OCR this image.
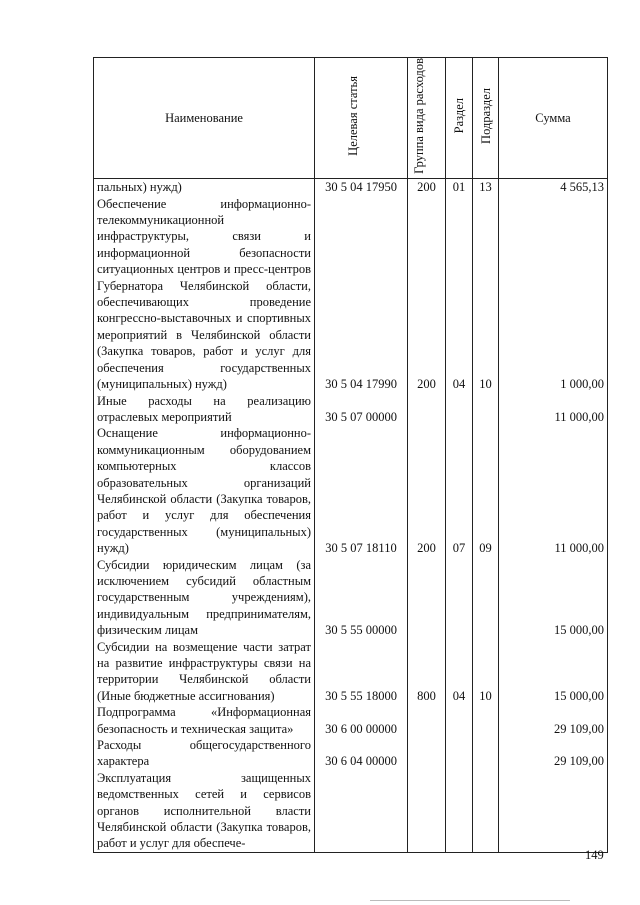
Наименование	Целевая статья	Группа вида расходов	Раздел	Подраздел	Сумма
пальных) нужд)	30 5 04 17950	200	01	13	4 565,13
Обеспечение информационно-телекоммуникационной инфраструктуры, связи и информационной безопасности ситуационных центров и пресс-центров Губернатора Челябинской области, обеспечивающих проведение конгрессно-выставочных и спортивных мероприятий в Челябинской области (Закупка товаров, работ и услуг для обеспечения государственных (муниципальных) нужд)	30 5 04 17990	200	04	10	1 000,00
Иные расходы на реализацию отраслевых мероприятий	30 5 07 00000				11 000,00
Оснащение информационно-коммуникационным оборудованием компьютерных классов образовательных организаций Челябинской области (Закупка товаров, работ и услуг для обеспечения государственных (муниципальных) нужд)	30 5 07 18110	200	07	09	11 000,00
Субсидии юридическим лицам (за исключением субсидий областным государственным учреждениям), индивидуальным предпринимателям, физическим лицам	30 5 55 00000				15 000,00
Субсидии на возмещение части затрат на развитие инфраструктуры связи на территории Челябинской области (Иные бюджетные ассигнования)	30 5 55 18000	800	04	10	15 000,00
Подпрограмма «Информационная безопасность и техническая защита»	30 6 00 00000				29 109,00
Расходы общегосударственного характера	30 6 04 00000				29 109,00
Эксплуатация защищенных ведомственных сетей и сервисов органов исполнительной власти Челябинской области (Закупка товаров, работ и услуг для обеспече-					
149
